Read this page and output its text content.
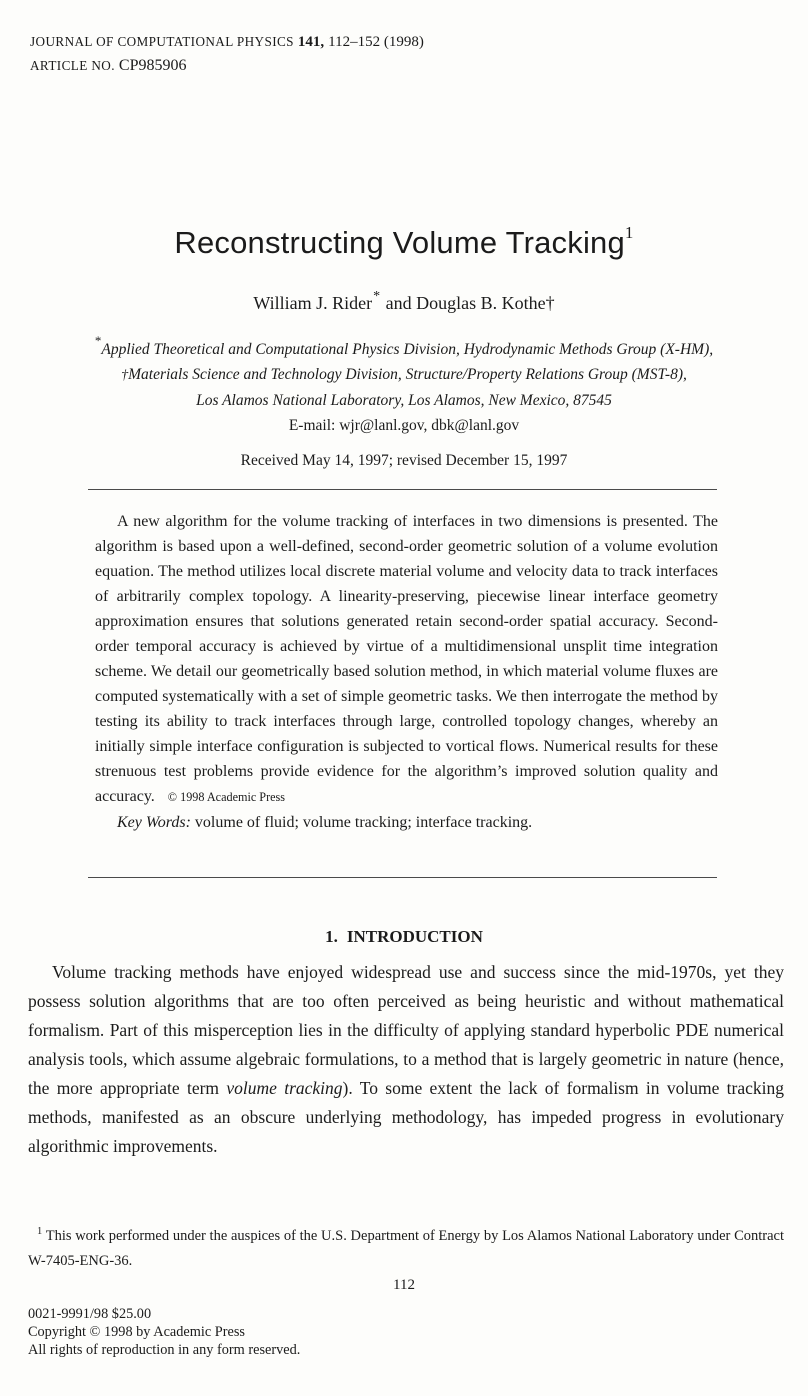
JOURNAL OF COMPUTATIONAL PHYSICS 141, 112–152 (1998)
ARTICLE NO. CP985906
Reconstructing Volume Tracking$^1$
William J. Rider* and Douglas B. Kothe†
*Applied Theoretical and Computational Physics Division, Hydrodynamic Methods Group (X-HM),
†Materials Science and Technology Division, Structure/Property Relations Group (MST-8),
Los Alamos National Laboratory, Los Alamos, New Mexico, 87545
E-mail: wjr@lanl.gov, dbk@lanl.gov
Received May 14, 1997; revised December 15, 1997

A new algorithm for the volume tracking of interfaces in two dimensions is presented. The algorithm is based upon a well-defined, second-order geometric solution of a volume evolution equation. The method utilizes local discrete material volume and velocity data to track interfaces of arbitrarily complex topology. A linearity-preserving, piecewise linear interface geometry approximation ensures that solutions generated retain second-order spatial accuracy. Second-order temporal accuracy is achieved by virtue of a multidimensional unsplit time integration scheme. We detail our geometrically based solution method, in which material volume fluxes are computed systematically with a set of simple geometric tasks. We then interrogate the method by testing its ability to track interfaces through large, controlled topology changes, whereby an initially simple interface configuration is subjected to vortical flows. Numerical results for these strenuous test problems provide evidence for the algorithm’s improved solution quality and accuracy. © 1998 Academic Press

Key Words: volume of fluid; volume tracking; interface tracking.

1. INTRODUCTION

Volume tracking methods have enjoyed widespread use and success since the mid-1970s, yet they possess solution algorithms that are too often perceived as being heuristic and without mathematical formalism. Part of this misperception lies in the difficulty of applying standard hyperbolic PDE numerical analysis tools, which assume algebraic formulations, to a method that is largely geometric in nature (hence, the more appropriate term volume tracking). To some extent the lack of formalism in volume tracking methods, manifested as an obscure underlying methodology, has impeded progress in evolutionary algorithmic improvements.

$^1$ This work performed under the auspices of the U.S. Department of Energy by Los Alamos National Laboratory under Contract W-7405-ENG-36.
112
0021-9991/98 $25.00
Copyright © 1998 by Academic Press
All rights of reproduction in any form reserved.
